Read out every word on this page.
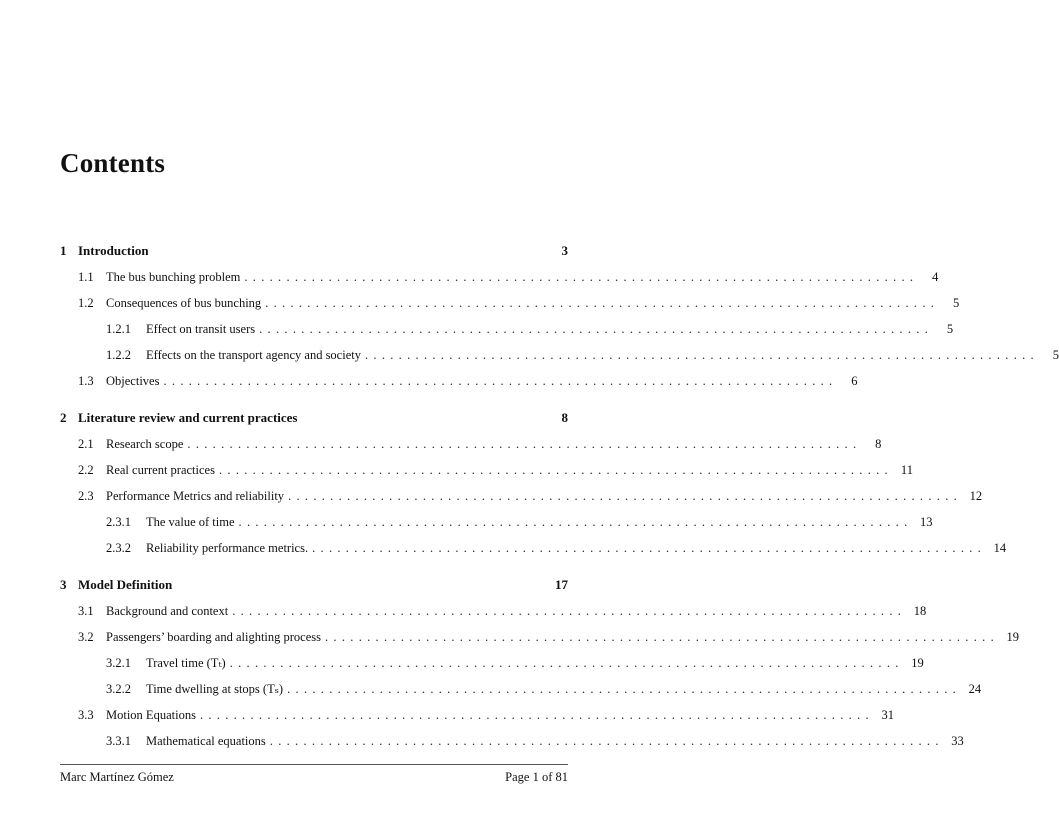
Contents
1 Introduction	3
1.1 The bus bunching problem ................................................................................	4
1.2 Consequences of bus bunching ................................................................................	5
1.2.1	Effect on transit users ................................................................................	5
1.2.2	Effects on the transport agency and society ................................................................................	5
1.3 Objectives ................................................................................	6
2 Literature review and current practices	8
2.1 Research scope ................................................................................	8
2.2 Real current practices ................................................................................ 11
2.3 Performance Metrics and reliability ................................................................................ 12
2.3.1	The value of time ................................................................................ 13
2.3.2	Reliability performance metrics. ................................................................................ 14
3 Model Definition	17
3.1 Background and context ................................................................................ 18
3.2 Passengers’ boarding and alighting process ................................................................................ 19
3.2.1	Travel time (Tₜ) ................................................................................ 19
3.2.2	Time dwelling at stops (Tₛ) ................................................................................ 24
3.3 Motion Equations ................................................................................ 31
3.3.1	Mathematical equations ................................................................................ 33
Marc Martínez Gómez	Page 1 of 81
